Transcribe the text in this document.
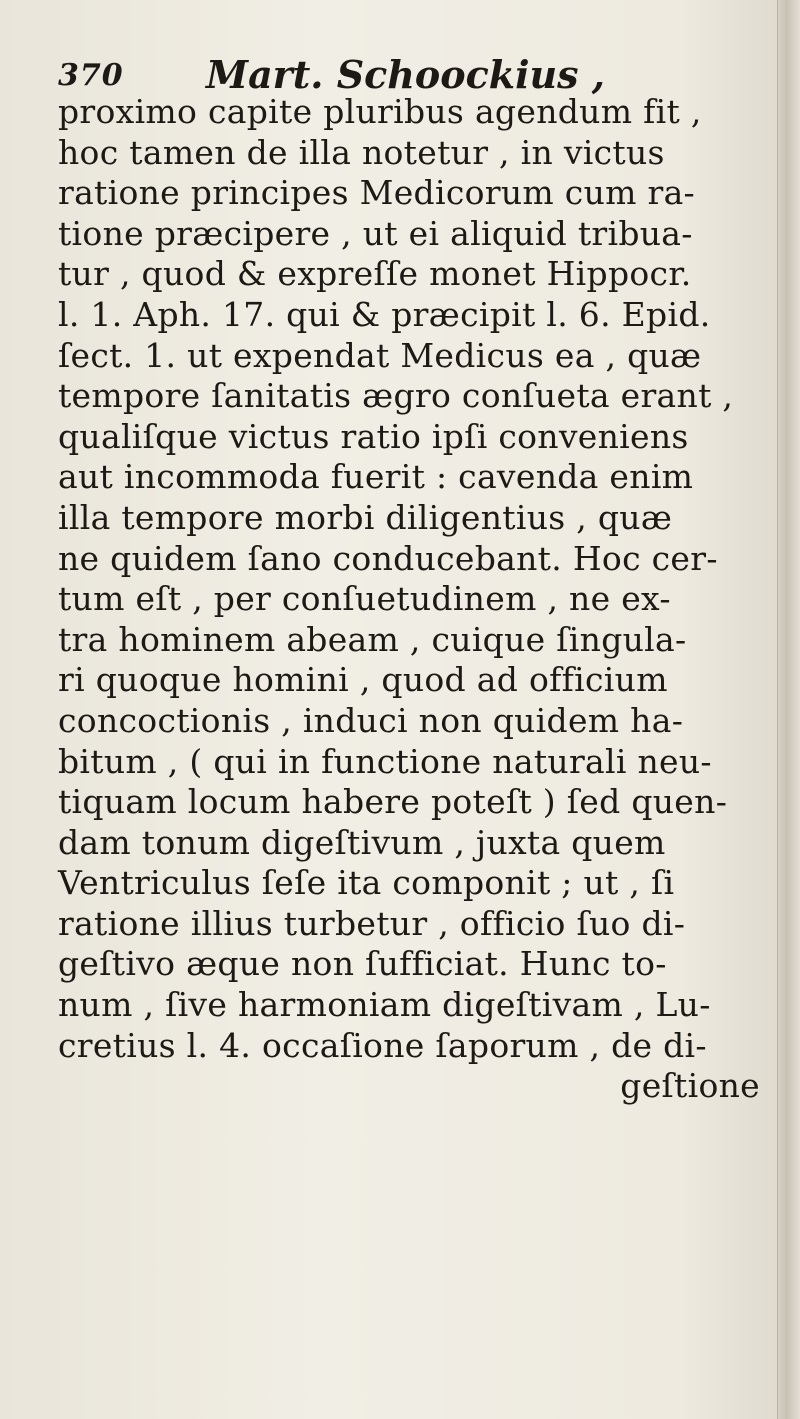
370 Mart. Schoockius ,
proximo capite pluribus agendum fit ,
hoc tamen de illa notetur , in victus
ratione principes Medicorum cum ra-
tione præcipere , ut ei aliquid tribua-
tur , quod & expreſſe monet Hippocr.
l. 1. Aph. 17. qui & præcipit l. 6. Epid.
ſect. 1. ut expendat Medicus ea , quæ
tempore ſanitatis ægro conſueta erant ,
qualiſque victus ratio ipſi conveniens
aut incommoda fuerit : cavenda enim
illa tempore morbi diligentius , quæ
ne quidem ſano conducebant. Hoc cer-
tum eſt , per conſuetudinem , ne ex-
tra hominem abeam , cuique ſingula-
ri quoque homini , quod ad officium
concoctionis , induci non quidem ha-
bitum , ( qui in functione naturali neu-
tiquam locum habere poteſt ) ſed quen-
dam tonum digeſtivum , juxta quem
Ventriculus ſeſe ita componit ; ut , ſi
ratione illius turbetur , officio ſuo di-
geſtivo æque non ſufficiat. Hunc to-
num , ſive harmoniam digeſtivam , Lu-
cretius l. 4. occaſione ſaporum , de di-
geſtione
